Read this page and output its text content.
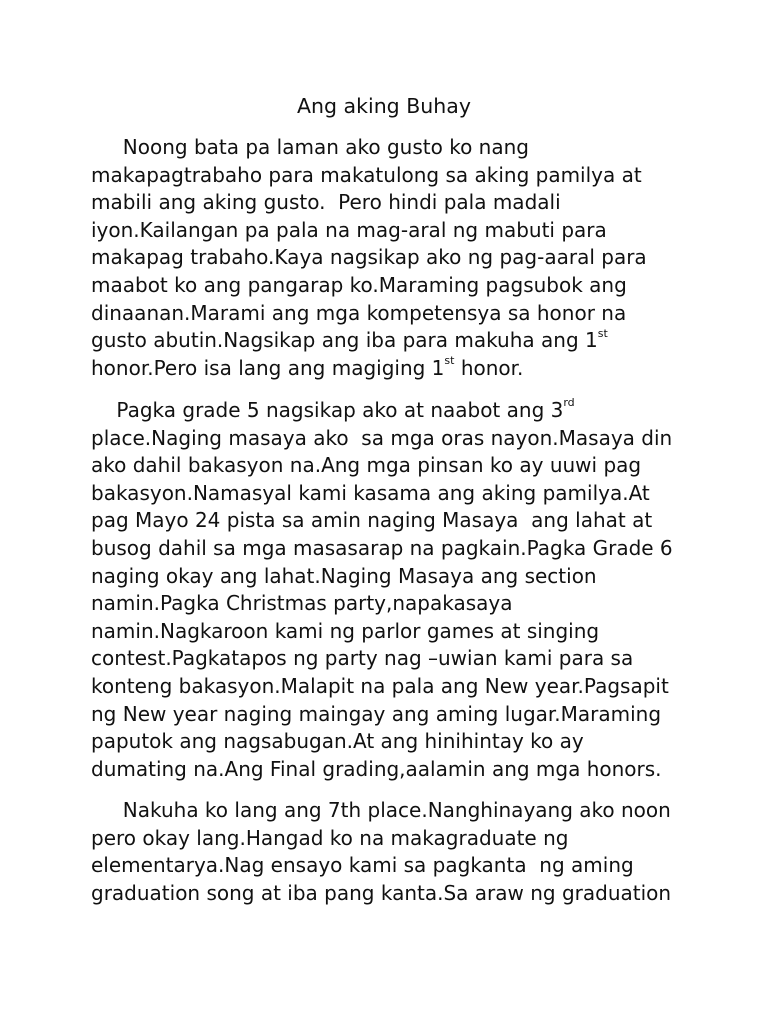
Ang aking Buhay
Noong bata pa laman ako gusto ko nang
makapagtrabaho para makatulong sa aking pamilya at
mabili ang aking gusto.  Pero hindi pala madali
iyon.Kailangan pa pala na mag-aral ng mabuti para
makapag trabaho.Kaya nagsikap ako ng pag-aaral para
maabot ko ang pangarap ko.Maraming pagsubok ang
dinaanan.Marami ang mga kompetensya sa honor na
gusto abutin.Nagsikap ang iba para makuha ang 1st
honor.Pero isa lang ang magiging 1st honor.
Pagka grade 5 nagsikap ako at naabot ang 3rd
place.Naging masaya ako  sa mga oras nayon.Masaya din
ako dahil bakasyon na.Ang mga pinsan ko ay uuwi pag
bakasyon.Namasyal kami kasama ang aking pamilya.At
pag Mayo 24 pista sa amin naging Masaya  ang lahat at
busog dahil sa mga masasarap na pagkain.Pagka Grade 6
naging okay ang lahat.Naging Masaya ang section
namin.Pagka Christmas party,napakasaya
namin.Nagkaroon kami ng parlor games at singing
contest.Pagkatapos ng party nag –uwian kami para sa
konteng bakasyon.Malapit na pala ang New year.Pagsapit
ng New year naging maingay ang aming lugar.Maraming
paputok ang nagsabugan.At ang hinihintay ko ay
dumating na.Ang Final grading,aalamin ang mga honors.
Nakuha ko lang ang 7th place.Nanghinayang ako noon
pero okay lang.Hangad ko na makagraduate ng
elementarya.Nag ensayo kami sa pagkanta  ng aming
graduation song at iba pang kanta.Sa araw ng graduation
